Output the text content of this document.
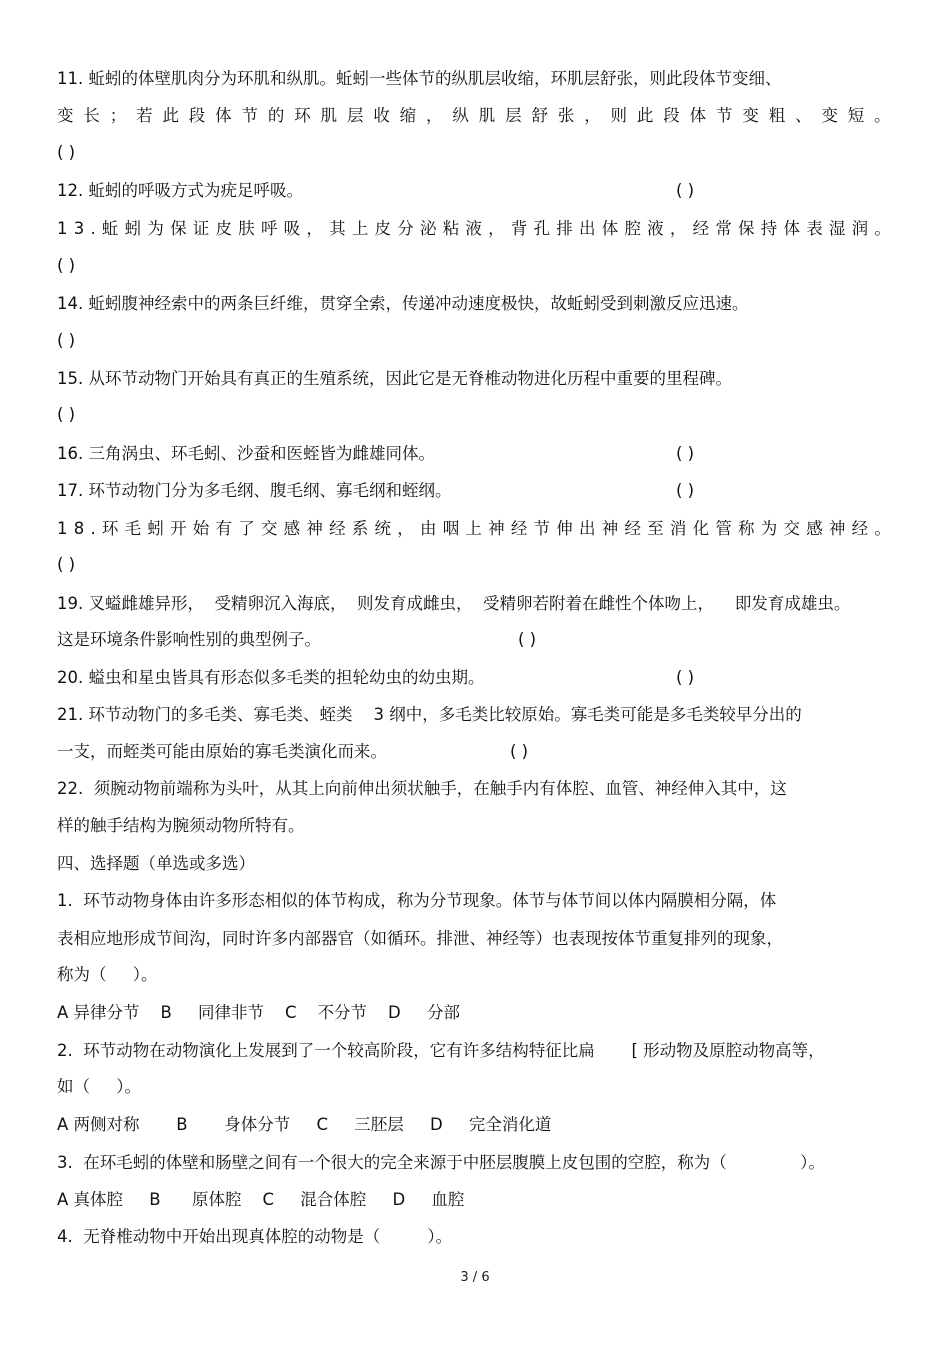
11. 蚯蚓的体壁肌肉分为环肌和纵肌。蚯蚓一些体节的纵肌层收缩，环肌层舒张，则此段体节变细、
变 长 ； 若 此 段 体 节 的 环 肌 层 收 缩 ， 纵 肌 层 舒 张 ， 则 此 段 体 节 变 粗 、 变 短 。
( )
12. 蚯蚓的呼吸方式为疣足呼吸。	( )
1 3 . 蚯 蚓 为 保 证 皮 肤 呼 吸 ， 其 上 皮 分 泌 粘 液 ， 背 孔 排 出 体 腔 液 ， 经 常 保 持 体 表 湿 润 。
( )
14. 蚯蚓腹神经索中的两条巨纤维，贯穿全索，传递冲动速度极快，故蚯蚓受到刺激反应迅速。
( )
15. 从环节动物门开始具有真正的生殖系统，因此它是无脊椎动物进化历程中重要的里程碑。
( )
16. 三角涡虫、环毛蚓、沙蚕和医蛭皆为雌雄同体。	( )
17. 环节动物门分为多毛纲、腹毛纲、寡毛纲和蛭纲。	( )
1 8 . 环 毛 蚓 开 始 有 了 交 感 神 经 系 统 ， 由 咽 上 神 经 节 伸 出 神 经 至 消 化 管 称 为 交 感 神 经 。
( )
19. 叉螠雌雄异形，  受精卵沉入海底，  则发育成雌虫，  受精卵若附着在雌性个体吻上，    即发育成雄虫。
这是环境条件影响性别的典型例子。	( )
20. 螠虫和星虫皆具有形态似多毛类的担轮幼虫的幼虫期。	( )
21. 环节动物门的多毛类、寡毛类、蛭类    3 纲中，多毛类比较原始。寡毛类可能是多毛类较早分出的
一支，而蛭类可能由原始的寡毛类演化而来。	( )
22.  须腕动物前端称为头叶，从其上向前伸出须状触手，在触手内有体腔、血管、神经伸入其中，这
样的触手结构为腕须动物所特有。
四、选择题（单选或多选）
1.  环节动物身体由许多形态相似的体节构成，称为分节现象。体节与体节间以体内隔膜相分隔，体
表相应地形成节间沟，同时许多内部器官（如循环。排泄、神经等）也表现按体节重复排列的现象，
称为（     ）。
A 异律分节    B     同律非节    C    不分节    D     分部
2.  环节动物在动物演化上发展到了一个较高阶段，它有许多结构特征比扁       [ 形动物及原腔动物高等，
如（     ）。
A 两侧对称       B       身体分节     C     三胚层     D     完全消化道
3.  在环毛蚓的体壁和肠壁之间有一个很大的完全来源于中胚层腹膜上皮包围的空腔，称为（              ）。
A 真体腔     B      原体腔    C     混合体腔     D     血腔
4.  无脊椎动物中开始出现真体腔的动物是（         ）。
3 / 6
